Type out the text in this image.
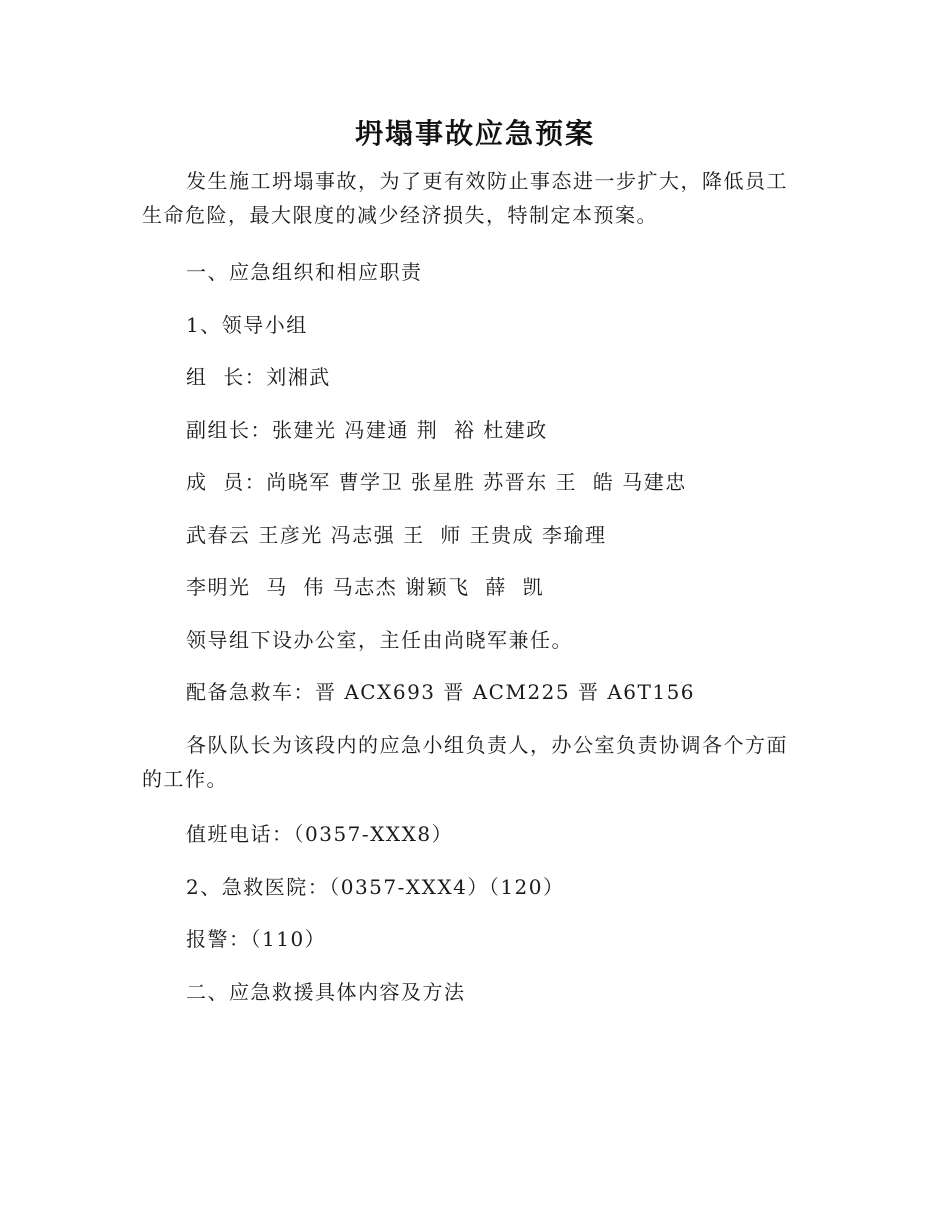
坍塌事故应急预案

发生施工坍塌事故，为了更有效防止事态进一步扩大，降低员工生命危险，最大限度的减少经济损失，特制定本预案。

一、应急组织和相应职责

1、领导小组

组  长：刘湘武

副组长：张建光 冯建通 荆  裕 杜建政

成  员：尚晓军 曹学卫 张星胜 苏晋东 王  皓 马建忠

武春云 王彦光 冯志强 王  师 王贵成 李瑜理

李明光  马  伟 马志杰 谢颖飞  薛  凯

领导组下设办公室，主任由尚晓军兼任。

配备急救车：晋 ACX693 晋 ACM225 晋 A6T156

各队队长为该段内的应急小组负责人，办公室负责协调各个方面的工作。

值班电话：（0357-XXX8）

2、急救医院：（0357-XXX4）（120）

报警：（110）

二、应急救援具体内容及方法
